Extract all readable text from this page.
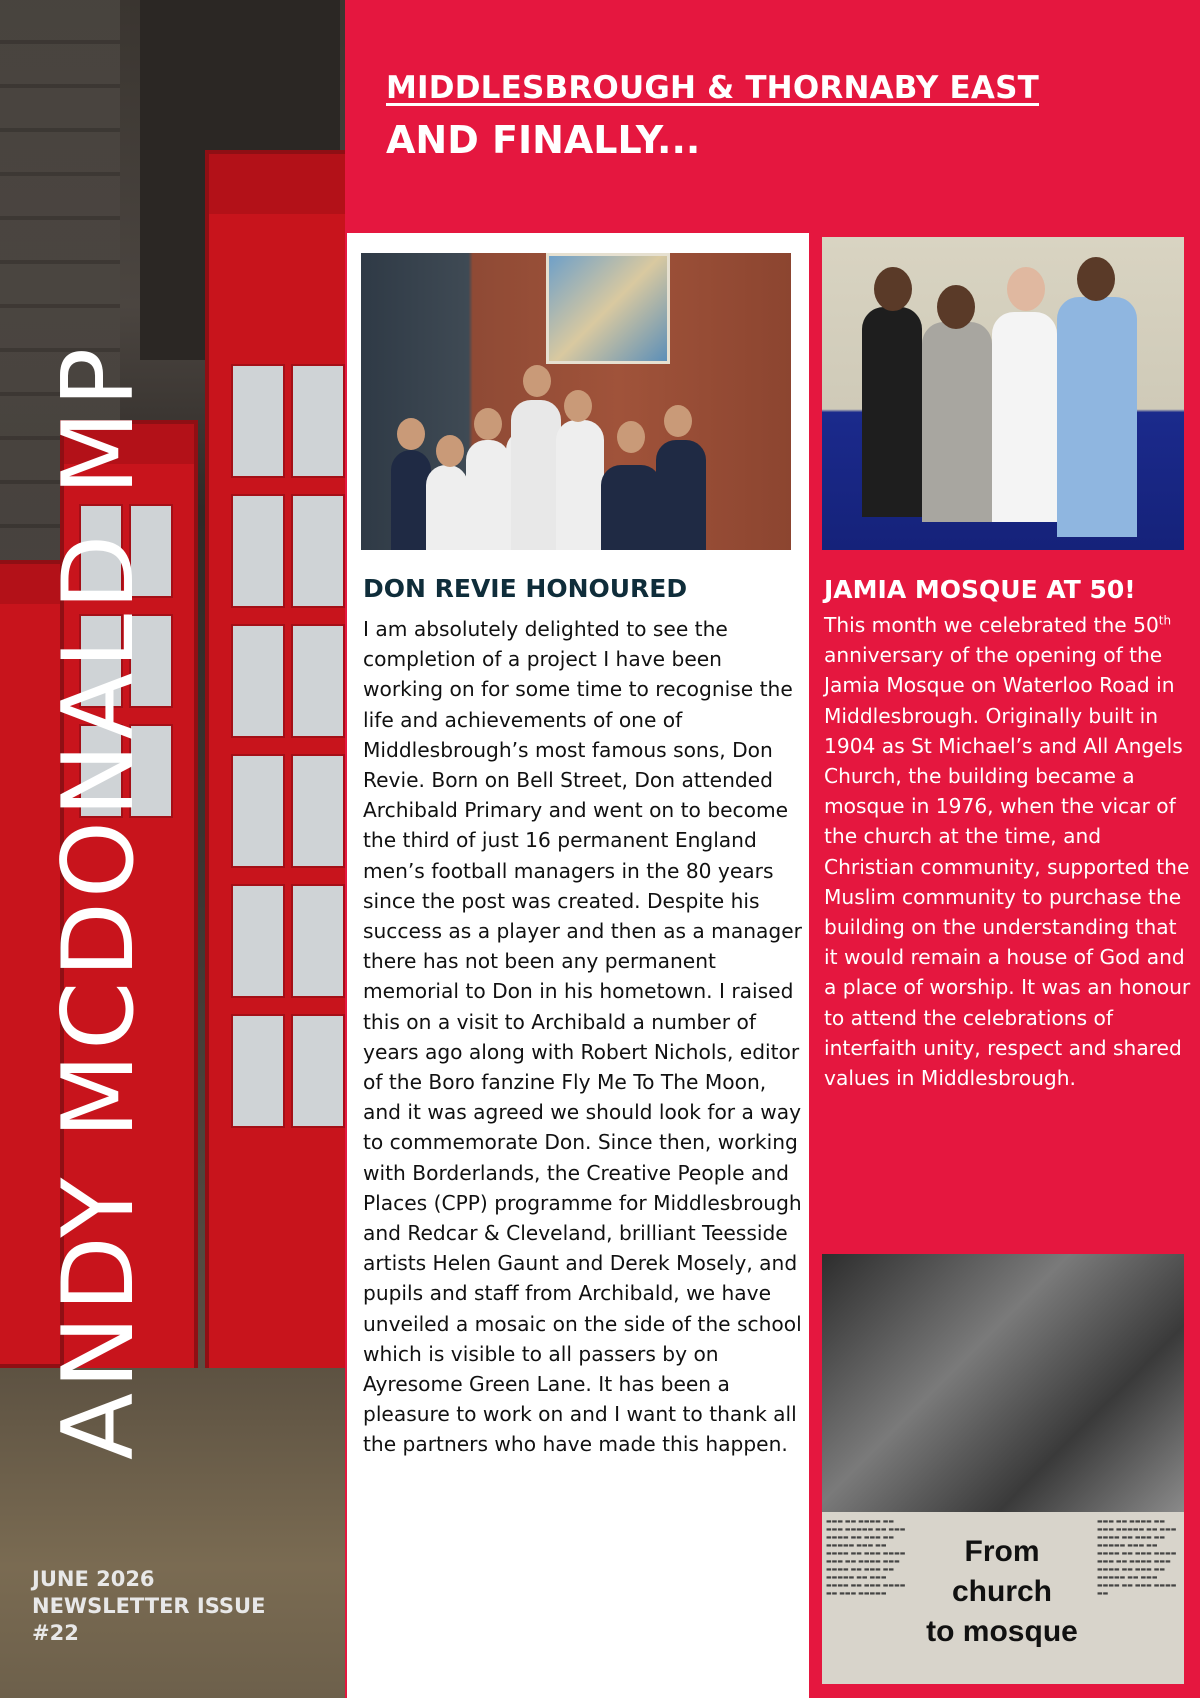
ANDY MCDONALD MP
JUNE 2026
NEWSLETTER ISSUE
#22
MIDDLESBROUGH & THORNABY EAST
AND FINALLY...
DON REVIE HONOURED
I am absolutely delighted to see the completion of a project I have been working on for some time to recognise the life and achievements of one of Middlesbrough’s most famous sons, Don Revie. Born on Bell Street, Don attended Archibald Primary and went on to become the third of just 16 permanent England men’s football managers in the 80 years since the post was created. Despite his success as a player and then as a manager there has not been any permanent memorial to Don in his hometown. I raised this on a visit to Archibald a number of years ago along with Robert Nichols, editor of the Boro fanzine Fly Me To The Moon, and it was agreed we should look for a way to commemorate Don. Since then, working with Borderlands, the Creative People and Places (CPP) programme for Middlesbrough and Redcar & Cleveland, brilliant Teesside artists Helen Gaunt and Derek Mosely, and pupils and staff from Archibald, we have unveiled a mosaic on the side of the school which is visible to all passers by on Ayresome Green Lane. It has been a pleasure to work on and I want to thank all the partners who have made this happen.
JAMIA MOSQUE AT 50!
This month we celebrated the 50th anniversary of the opening of the Jamia Mosque on Waterloo Road in Middlesbrough. Originally built in 1904 as St Michael’s and All Angels Church, the building became a mosque in 1976, when the vicar of the church at the time, and Christian community, supported the Muslim community to purchase the building on the understanding that it would remain a house of God and a place of worship. It was an honour to attend the celebrations of interfaith unity, respect and shared values in Middlesbrough.
▬▬▬ ▬▬ ▬▬▬▬ ▬▬ ▬▬▬ ▬▬▬▬▬ ▬▬ ▬▬▬ ▬▬▬▬ ▬▬ ▬▬▬ ▬▬ ▬▬▬▬▬ ▬▬▬ ▬▬ ▬▬▬▬ ▬▬ ▬▬▬ ▬▬▬▬ ▬▬▬ ▬▬ ▬▬▬▬ ▬▬▬ ▬▬▬▬ ▬▬ ▬▬▬ ▬▬ ▬▬▬▬▬ ▬▬ ▬▬▬ ▬▬▬▬ ▬▬ ▬▬▬ ▬▬▬▬ ▬▬ ▬▬▬ ▬▬▬▬▬
▬▬▬ ▬▬ ▬▬▬▬ ▬▬ ▬▬▬ ▬▬▬▬▬ ▬▬ ▬▬▬ ▬▬▬▬ ▬▬ ▬▬▬ ▬▬ ▬▬▬▬▬ ▬▬▬ ▬▬ ▬▬▬▬ ▬▬ ▬▬▬ ▬▬▬▬ ▬▬▬ ▬▬ ▬▬▬▬ ▬▬▬ ▬▬▬▬ ▬▬ ▬▬▬ ▬▬ ▬▬▬▬▬ ▬▬ ▬▬▬ ▬▬▬▬ ▬▬ ▬▬▬ ▬▬▬▬ ▬▬
From church
to mosque
